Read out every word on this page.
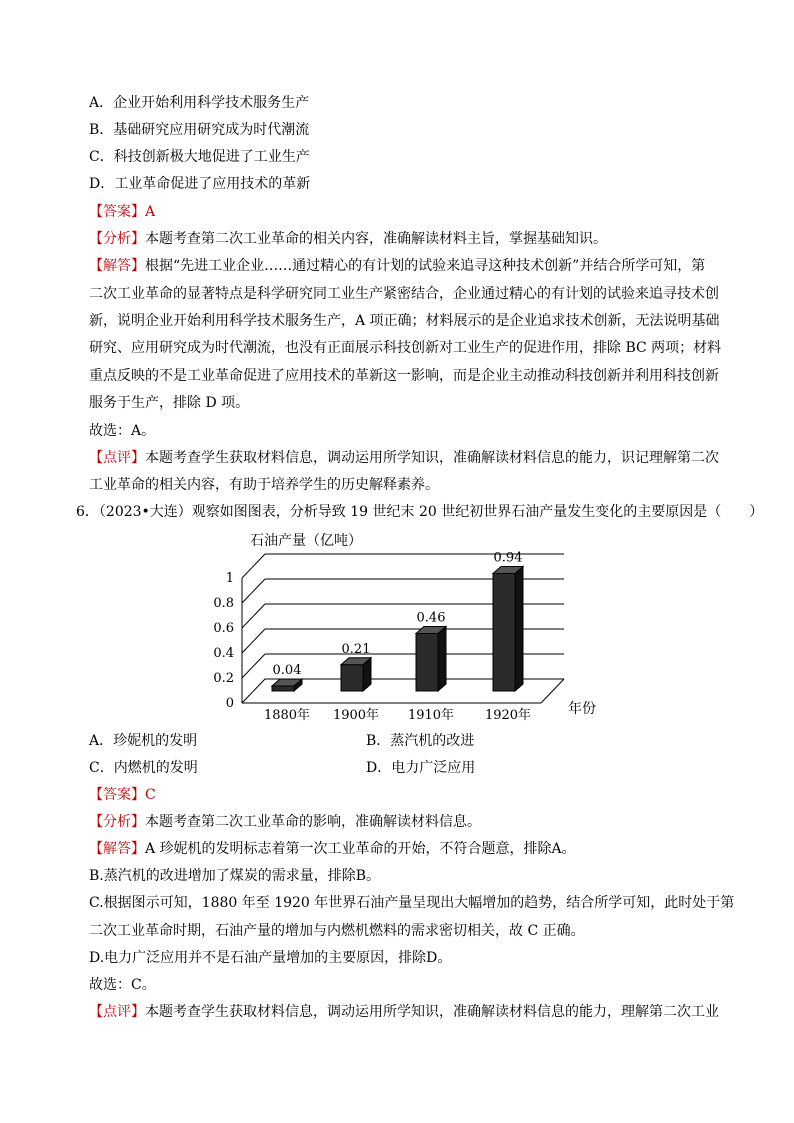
A．企业开始利用科学技术服务生产
B．基础研究应用研究成为时代潮流
C．科技创新极大地促进了工业生产
D．工业革命促进了应用技术的革新
【答案】A
【分析】本题考查第二次工业革命的相关内容，准确解读材料主旨，掌握基础知识。
【解答】根据“先进工业企业……通过精心的有计划的试验来追寻这种技术创新”并结合所学可知，第
二次工业革命的显著特点是科学研究同工业生产紧密结合，企业通过精心的有计划的试验来追寻技术创
新，说明企业开始利用科学技术服务生产，A 项正确；材料展示的是企业追求技术创新，无法说明基础
研究、应用研究成为时代潮流，也没有正面展示科技创新对工业生产的促进作用，排除 BC 两项；材料
重点反映的不是工业革命促进了应用技术的革新这一影响，而是企业主动推动科技创新并利用科技创新
服务于生产，排除 D 项。
故选：A。
【点评】本题考查学生获取材料信息，调动运用所学知识，准确解读材料信息的能力，识记理解第二次
工业革命的相关内容，有助于培养学生的历史解释素养。
6．（2023•大连）观察如图图表，分析导致 19 世纪末 20 世纪初世界石油产量发生变化的主要原因是（　　）
石油产量（亿吨）
0
0.2
0.4
0.6
0.8
1
0.04
1880年
0.21
1900年
0.46
1910年
0.94
1920年	年份
A．珍妮机的发明	B．蒸汽机的改进
C．内燃机的发明	D．电力广泛应用
【答案】C
【分析】本题考查第二次工业革命的影响，准确解读材料信息。
【解答】A 珍妮机的发明标志着第一次工业革命的开始，不符合题意，排除A。
B.蒸汽机的改进增加了煤炭的需求量，排除B。
C.根据图示可知，1880 年至 1920 年世界石油产量呈现出大幅增加的趋势，结合所学可知，此时处于第
二次工业革命时期，石油产量的增加与内燃机燃料的需求密切相关，故 C 正确。
D.电力广泛应用并不是石油产量增加的主要原因，排除D。
故选：C。
【点评】本题考查学生获取材料信息，调动运用所学知识，准确解读材料信息的能力，理解第二次工业
